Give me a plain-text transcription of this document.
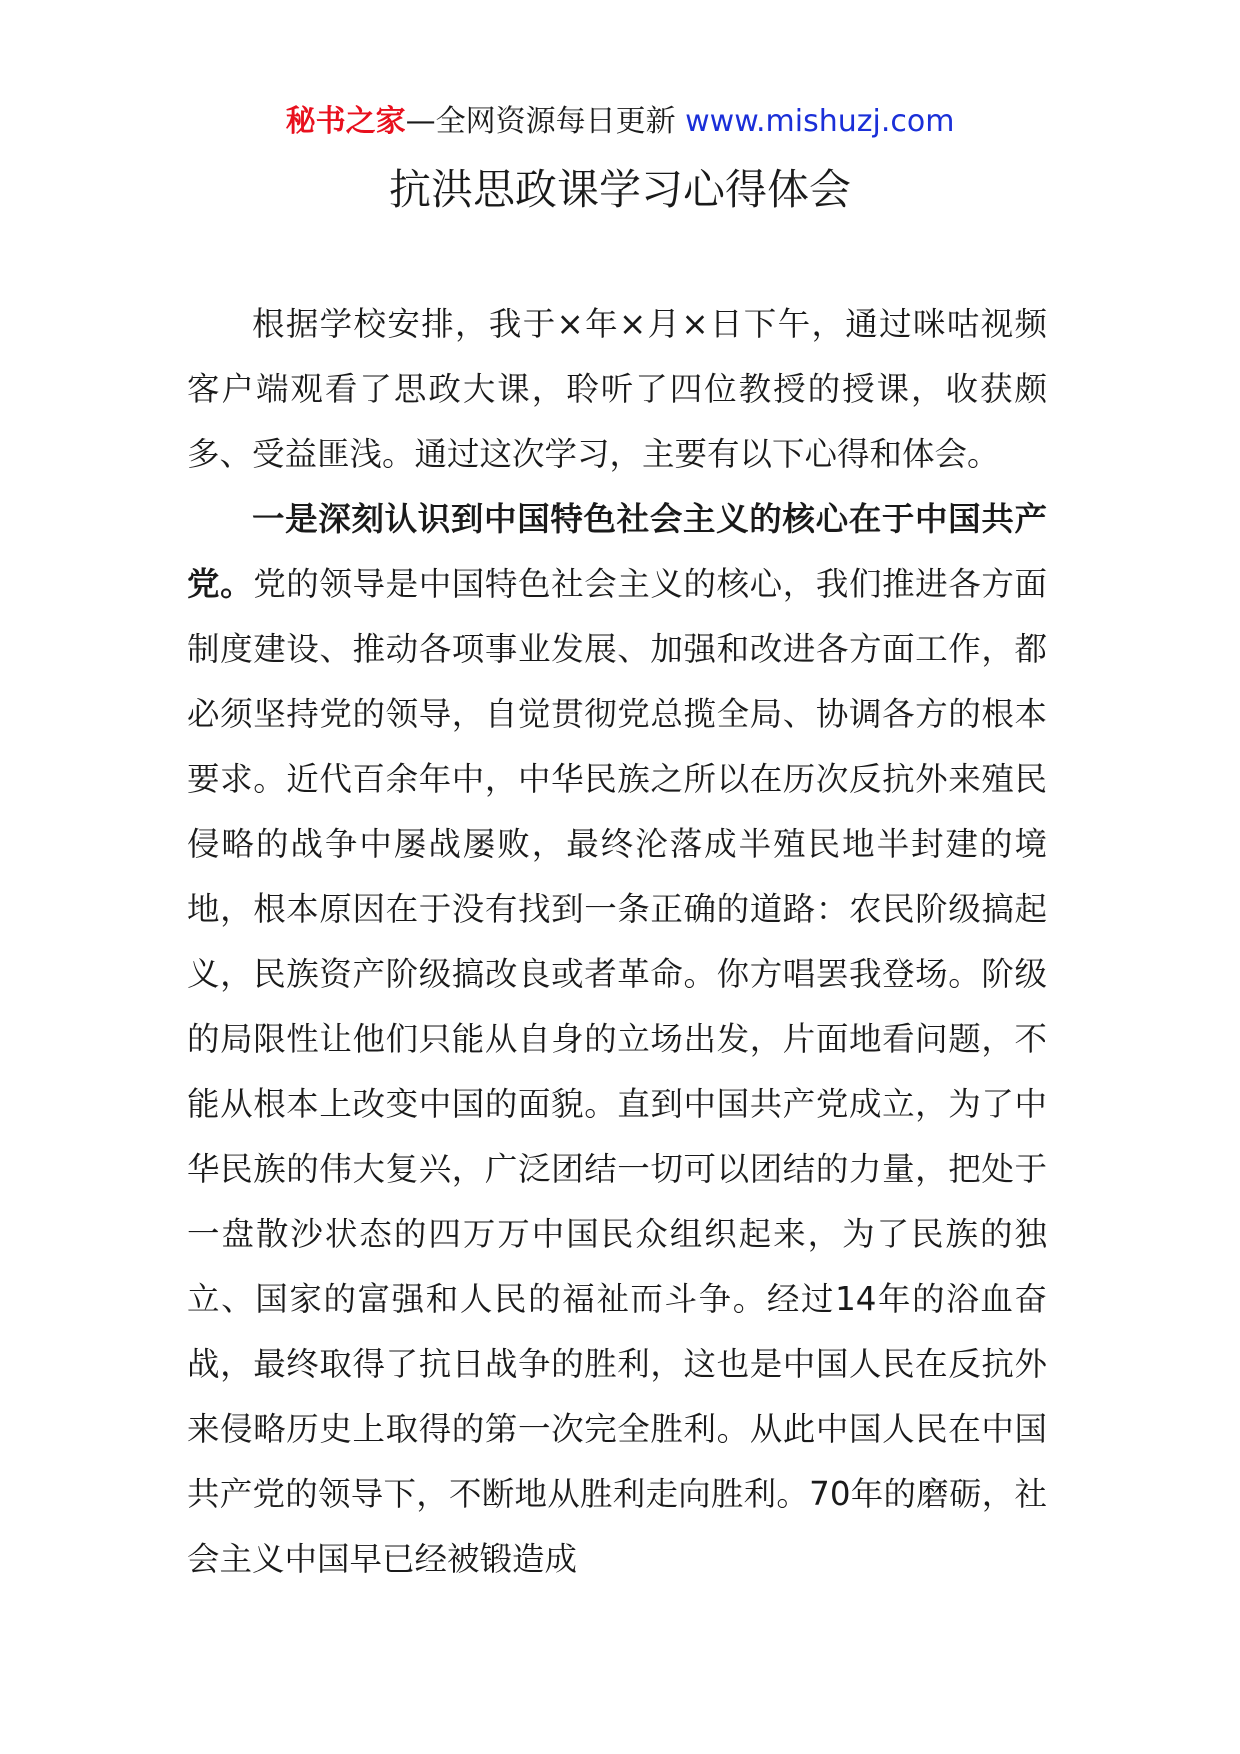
秘书之家—全网资源每日更新 www.mishuzj.com
抗洪思政课学习心得体会

根据学校安排，我于×年×月×日下午，通过咪咕视频客户端观看了思政大课，聆听了四位教授的授课，收获颇多、受益匪浅。通过这次学习，主要有以下心得和体会。

一是深刻认识到中国特色社会主义的核心在于中国共产党。党的领导是中国特色社会主义的核心，我们推进各方面制度建设、推动各项事业发展、加强和改进各方面工作，都必须坚持党的领导，自觉贯彻党总揽全局、协调各方的根本要求。近代百余年中，中华民族之所以在历次反抗外来殖民侵略的战争中屡战屡败，最终沦落成半殖民地半封建的境地，根本原因在于没有找到一条正确的道路：农民阶级搞起义，民族资产阶级搞改良或者革命。你方唱罢我登场。阶级的局限性让他们只能从自身的立场出发，片面地看问题，不能从根本上改变中国的面貌。直到中国共产党成立，为了中华民族的伟大复兴，广泛团结一切可以团结的力量，把处于一盘散沙状态的四万万中国民众组织起来，为了民族的独立、国家的富强和人民的福祉而斗争。经过14年的浴血奋战，最终取得了抗日战争的胜利，这也是中国人民在反抗外来侵略历史上取得的第一次完全胜利。从此中国人民在中国共产党的领导下，不断地从胜利走向胜利。70年的磨砺，社会主义中国早已经被锻造成
